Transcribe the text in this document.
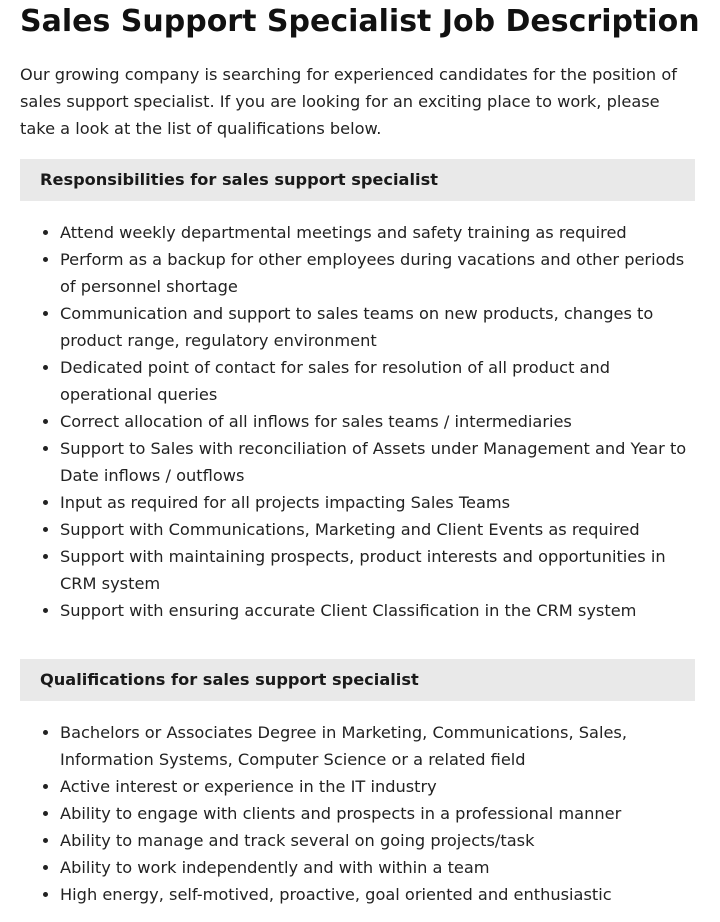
Sales Support Specialist Job Description

Our growing company is searching for experienced candidates for the position of sales support specialist. If you are looking for an exciting place to work, please take a look at the list of qualifications below.

Responsibilities for sales support specialist
Attend weekly departmental meetings and safety training as required
Perform as a backup for other employees during vacations and other periods of personnel shortage
Communication and support to sales teams on new products, changes to product range, regulatory environment
Dedicated point of contact for sales for resolution of all product and operational queries
Correct allocation of all inflows for sales teams / intermediaries
Support to Sales with reconciliation of Assets under Management and Year to Date inflows / outflows
Input as required for all projects impacting Sales Teams
Support with Communications, Marketing and Client Events as required
Support with maintaining prospects, product interests and opportunities in CRM system
Support with ensuring accurate Client Classification in the CRM system
Qualifications for sales support specialist
Bachelors or Associates Degree in Marketing, Communications, Sales, Information Systems, Computer Science or a related field
Active interest or experience in the IT industry
Ability to engage with clients and prospects in a professional manner
Ability to manage and track several on going projects/task
Ability to work independently and with within a team
High energy, self-motived, proactive, goal oriented and enthusiastic
